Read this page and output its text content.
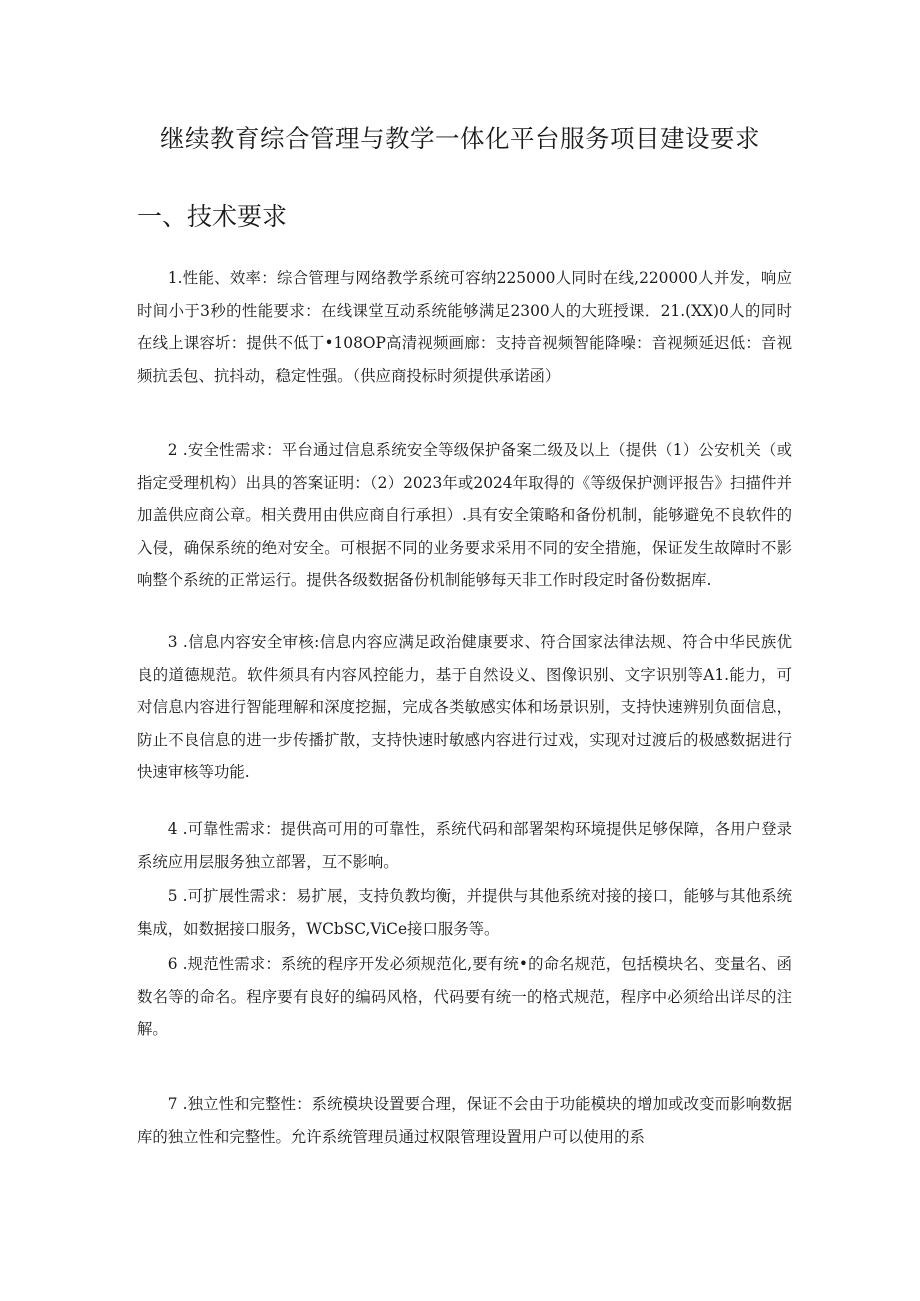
继续教育综合管理与教学一体化平台服务项目建设要求
一、技术要求

1.性能、效率：综合管理与网络教学系统可容纳225000人同时在线,220000人并发，响应时间小于3秒的性能要求：在线课堂互动系统能够满足2300人的大班授课．21.(XX)0人的同时在线上课容圻：提供不低丁•108OP高清视频画廊：支持音视频智能降噪：音视频延迟低：音视频抗丢包、抗抖动，稳定性强。（供应商投标时须提供承诺函）

2 .安全性需求：平台通过信息系统安全等级保护备案二级及以上（提供（1）公安机关（或指定受理机构）出具的答案证明：（2）2023年或2024年取得的《等级保护测评报告》扫描件并加盖供应商公章。相关费用由供应商自行承担）.具有安全策略和备份机制，能够避免不良软件的入侵，确保系统的绝对安全。可根据不同的业务要求采用不同的安全措施，保证发生故障时不影响整个系统的正常运行。提供各级数据备份机制能够每天非工作时段定时备份数据库.

3 .信息内容安全审核:信息内容应满足政治健康要求、符合国家法律法规、符合中华民族优良的道德规范。软件须具有内容风控能力，基于自然设义、图像识别、文字识别等A1.能力，可对信息内容进行智能理解和深度挖掘，完成各类敏感实体和场景识别，支持快速辨别负面信息，防止不良信息的进一步传播扩散，支持快速时敏感内容进行过戏，实现对过渡后的极感数据进行快速审核等功能.

4 .可靠性需求：提供高可用的可靠性，系统代码和部署架构环境提供足够保障，各用户登录系统应用层服务独立部署，互不影响。

5 .可扩展性需求：易扩展，支持负教均衡，并提供与其他系统对接的接口，能够与其他系统集成，如数据接口服务，WCbSC,ViCe接口服务等。

6 .规范性需求：系统的程序开发必须规范化,要有统•的命名规范，包括模块名、变量名、函数名等的命名。程序要有良好的编码风格，代码要有统一的格式规范，程序中必须给出详尽的注解。

7 .独立性和完整性：系统模块设置要合理，保证不会由于功能模块的增加或改变而影响数据库的独立性和完整性。允许系统管理员通过权限管理设置用户可以使用的系
